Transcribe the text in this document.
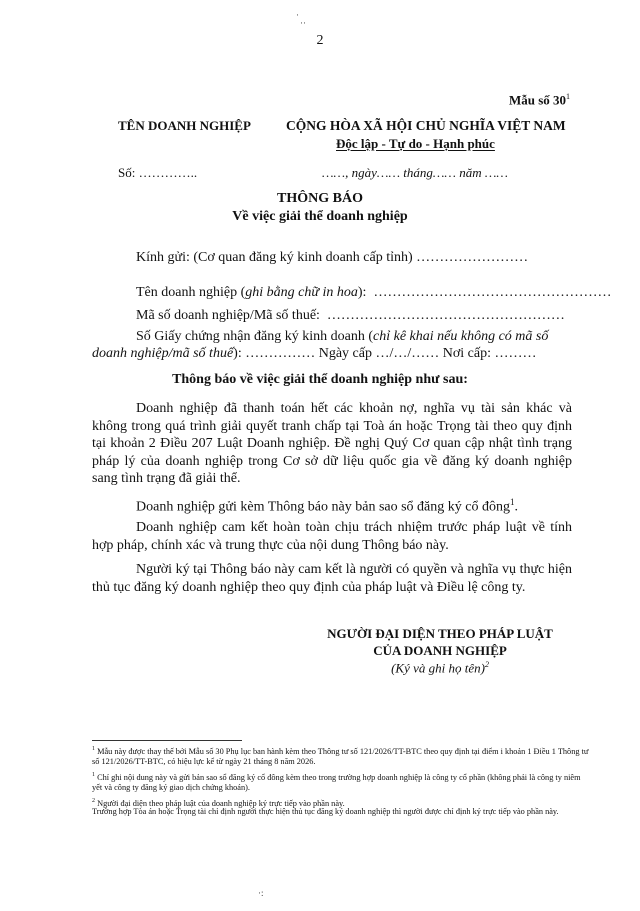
·
··
·:
2
Mẫu số $30^1$
TÊN DOANH NGHIỆP	CỘNG HÒA XÃ HỘI CHỦ NGHĨA VIỆT NAM
Độc lập - Tự do - Hạnh phúc
Số: …………..	……, ngày…… tháng…… năm ……
THÔNG BÁO
Về việc giải thể doanh nghiệp
Kính gửi: (Cơ quan đăng ký kinh doanh cấp tỉnh) ……………………
Tên doanh nghiệp (ghi bằng chữ in hoa): ……………………………………………
Mã số doanh nghiệp/Mã số thuế: ……………………………………………
Số Giấy chứng nhận đăng ký kinh doanh (chỉ kê khai nếu không có mã số
doanh nghiệp/mã số thuế): …………… Ngày cấp …/…/…… Nơi cấp: ………
Thông báo về việc giải thể doanh nghiệp như sau:
Doanh nghiệp đã thanh toán hết các khoản nợ, nghĩa vụ tài sản khác và không trong quá trình giải quyết tranh chấp tại Toà án hoặc Trọng tài theo quy định tại khoản 2 Điều 207 Luật Doanh nghiệp. Đề nghị Quý Cơ quan cập nhật tình trạng pháp lý của doanh nghiệp trong Cơ sở dữ liệu quốc gia về đăng ký doanh nghiệp sang tình trạng đã giải thể.
Doanh nghiệp gửi kèm Thông báo này bản sao sổ đăng ký cổ đông$^1$.
Doanh nghiệp cam kết hoàn toàn chịu trách nhiệm trước pháp luật về tính hợp pháp, chính xác và trung thực của nội dung Thông báo này.
Người ký tại Thông báo này cam kết là người có quyền và nghĩa vụ thực hiện thủ tục đăng ký doanh nghiệp theo quy định của pháp luật và Điều lệ công ty.
NGƯỜI ĐẠI DIỆN THEO PHÁP LUẬT
CỦA DOANH NGHIỆP
(Ký và ghi họ tên)$^2$
$^1$ Mẫu này được thay thế bởi Mẫu số 30 Phụ lục ban hành kèm theo Thông tư số 121/2026/TT-BTC theo quy định tại điểm i khoản 1 Điều 1 Thông tư số 121/2026/TT-BTC, có hiệu lực kể từ ngày 21 tháng 8 năm 2026.
$^1$ Chỉ ghi nội dung này và gửi bản sao sổ đăng ký cổ đông kèm theo trong trường hợp doanh nghiệp là công ty cổ phần (không phải là công ty niêm yết và công ty đăng ký giao dịch chứng khoán).
$^2$ Người đại diện theo pháp luật của doanh nghiệp ký trực tiếp vào phần này.
Trường hợp Tòa án hoặc Trọng tài chỉ định người thực hiện thủ tục đăng ký doanh nghiệp thì người được chỉ định ký trực tiếp vào phần này.
